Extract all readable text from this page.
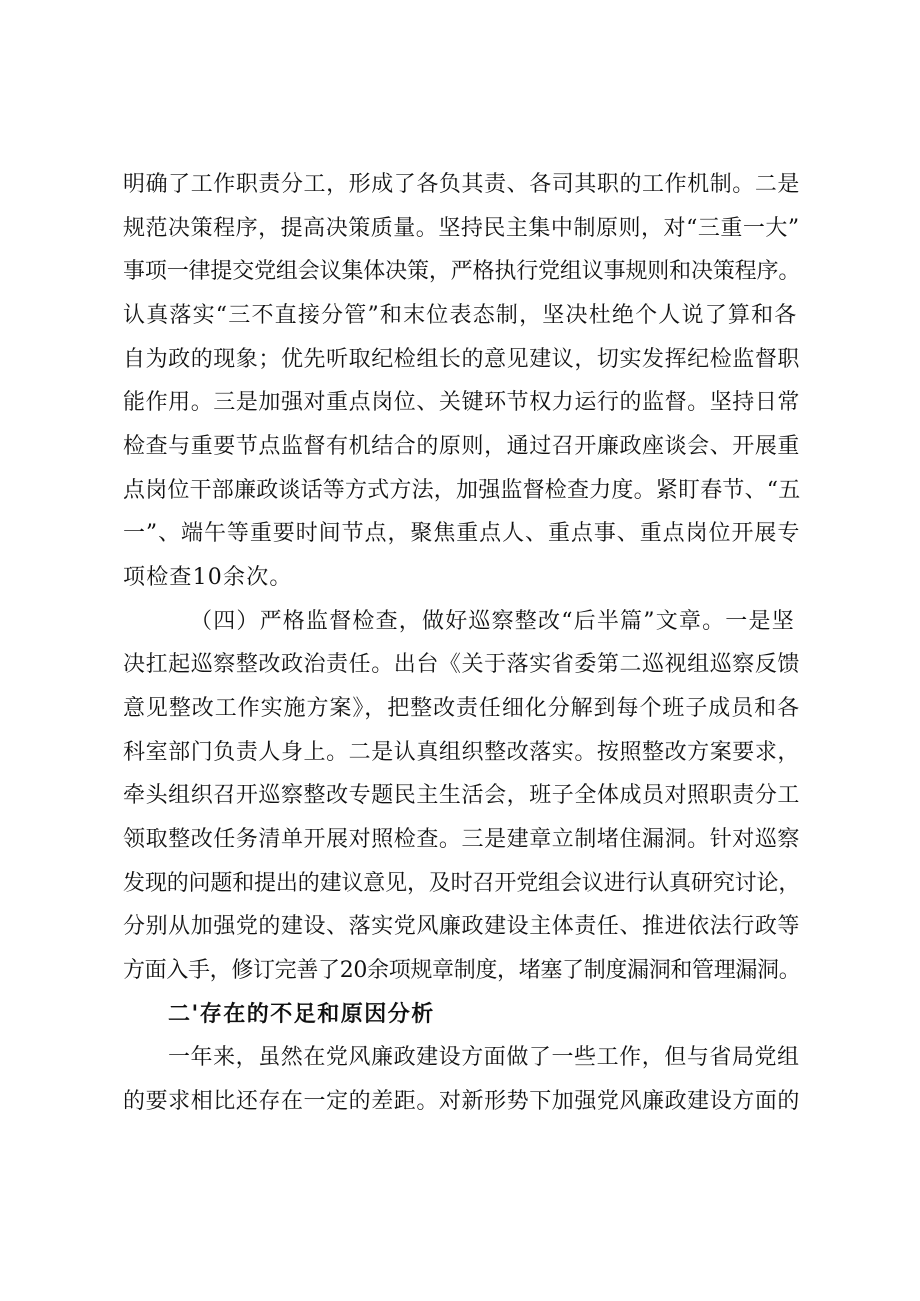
明确了工作职责分工，形成了各负其责、各司其职的工作机制。二是
规范决策程序，提高决策质量。坚持民主集中制原则，对“三重一大”
事项一律提交党组会议集体决策，严格执行党组议事规则和决策程序。
认真落实“三不直接分管”和末位表态制，坚决杜绝个人说了算和各
自为政的现象；优先听取纪检组长的意见建议，切实发挥纪检监督职
能作用。三是加强对重点岗位、关键环节权力运行的监督。坚持日常
检查与重要节点监督有机结合的原则，通过召开廉政座谈会、开展重
点岗位干部廉政谈话等方式方法，加强监督检查力度。紧盯春节、“五
一”、端午等重要时间节点，聚焦重点人、重点事、重点岗位开展专
项检查10余次。
（四）严格监督检查，做好巡察整改“后半篇”文章。一是坚
决扛起巡察整改政治责任。出台《关于落实省委第二巡视组巡察反馈
意见整改工作实施方案》，把整改责任细化分解到每个班子成员和各
科室部门负责人身上。二是认真组织整改落实。按照整改方案要求，
牵头组织召开巡察整改专题民主生活会，班子全体成员对照职责分工
领取整改任务清单开展对照检查。三是建章立制堵住漏洞。针对巡察
发现的问题和提出的建议意见，及时召开党组会议进行认真研究讨论，
分别从加强党的建设、落实党风廉政建设主体责任、推进依法行政等
方面入手，修订完善了20余项规章制度，堵塞了制度漏洞和管理漏洞。
二'存在的不足和原因分析
一年来，虽然在党风廉政建设方面做了一些工作，但与省局党组
的要求相比还存在一定的差距。对新形势下加强党风廉政建设方面的
